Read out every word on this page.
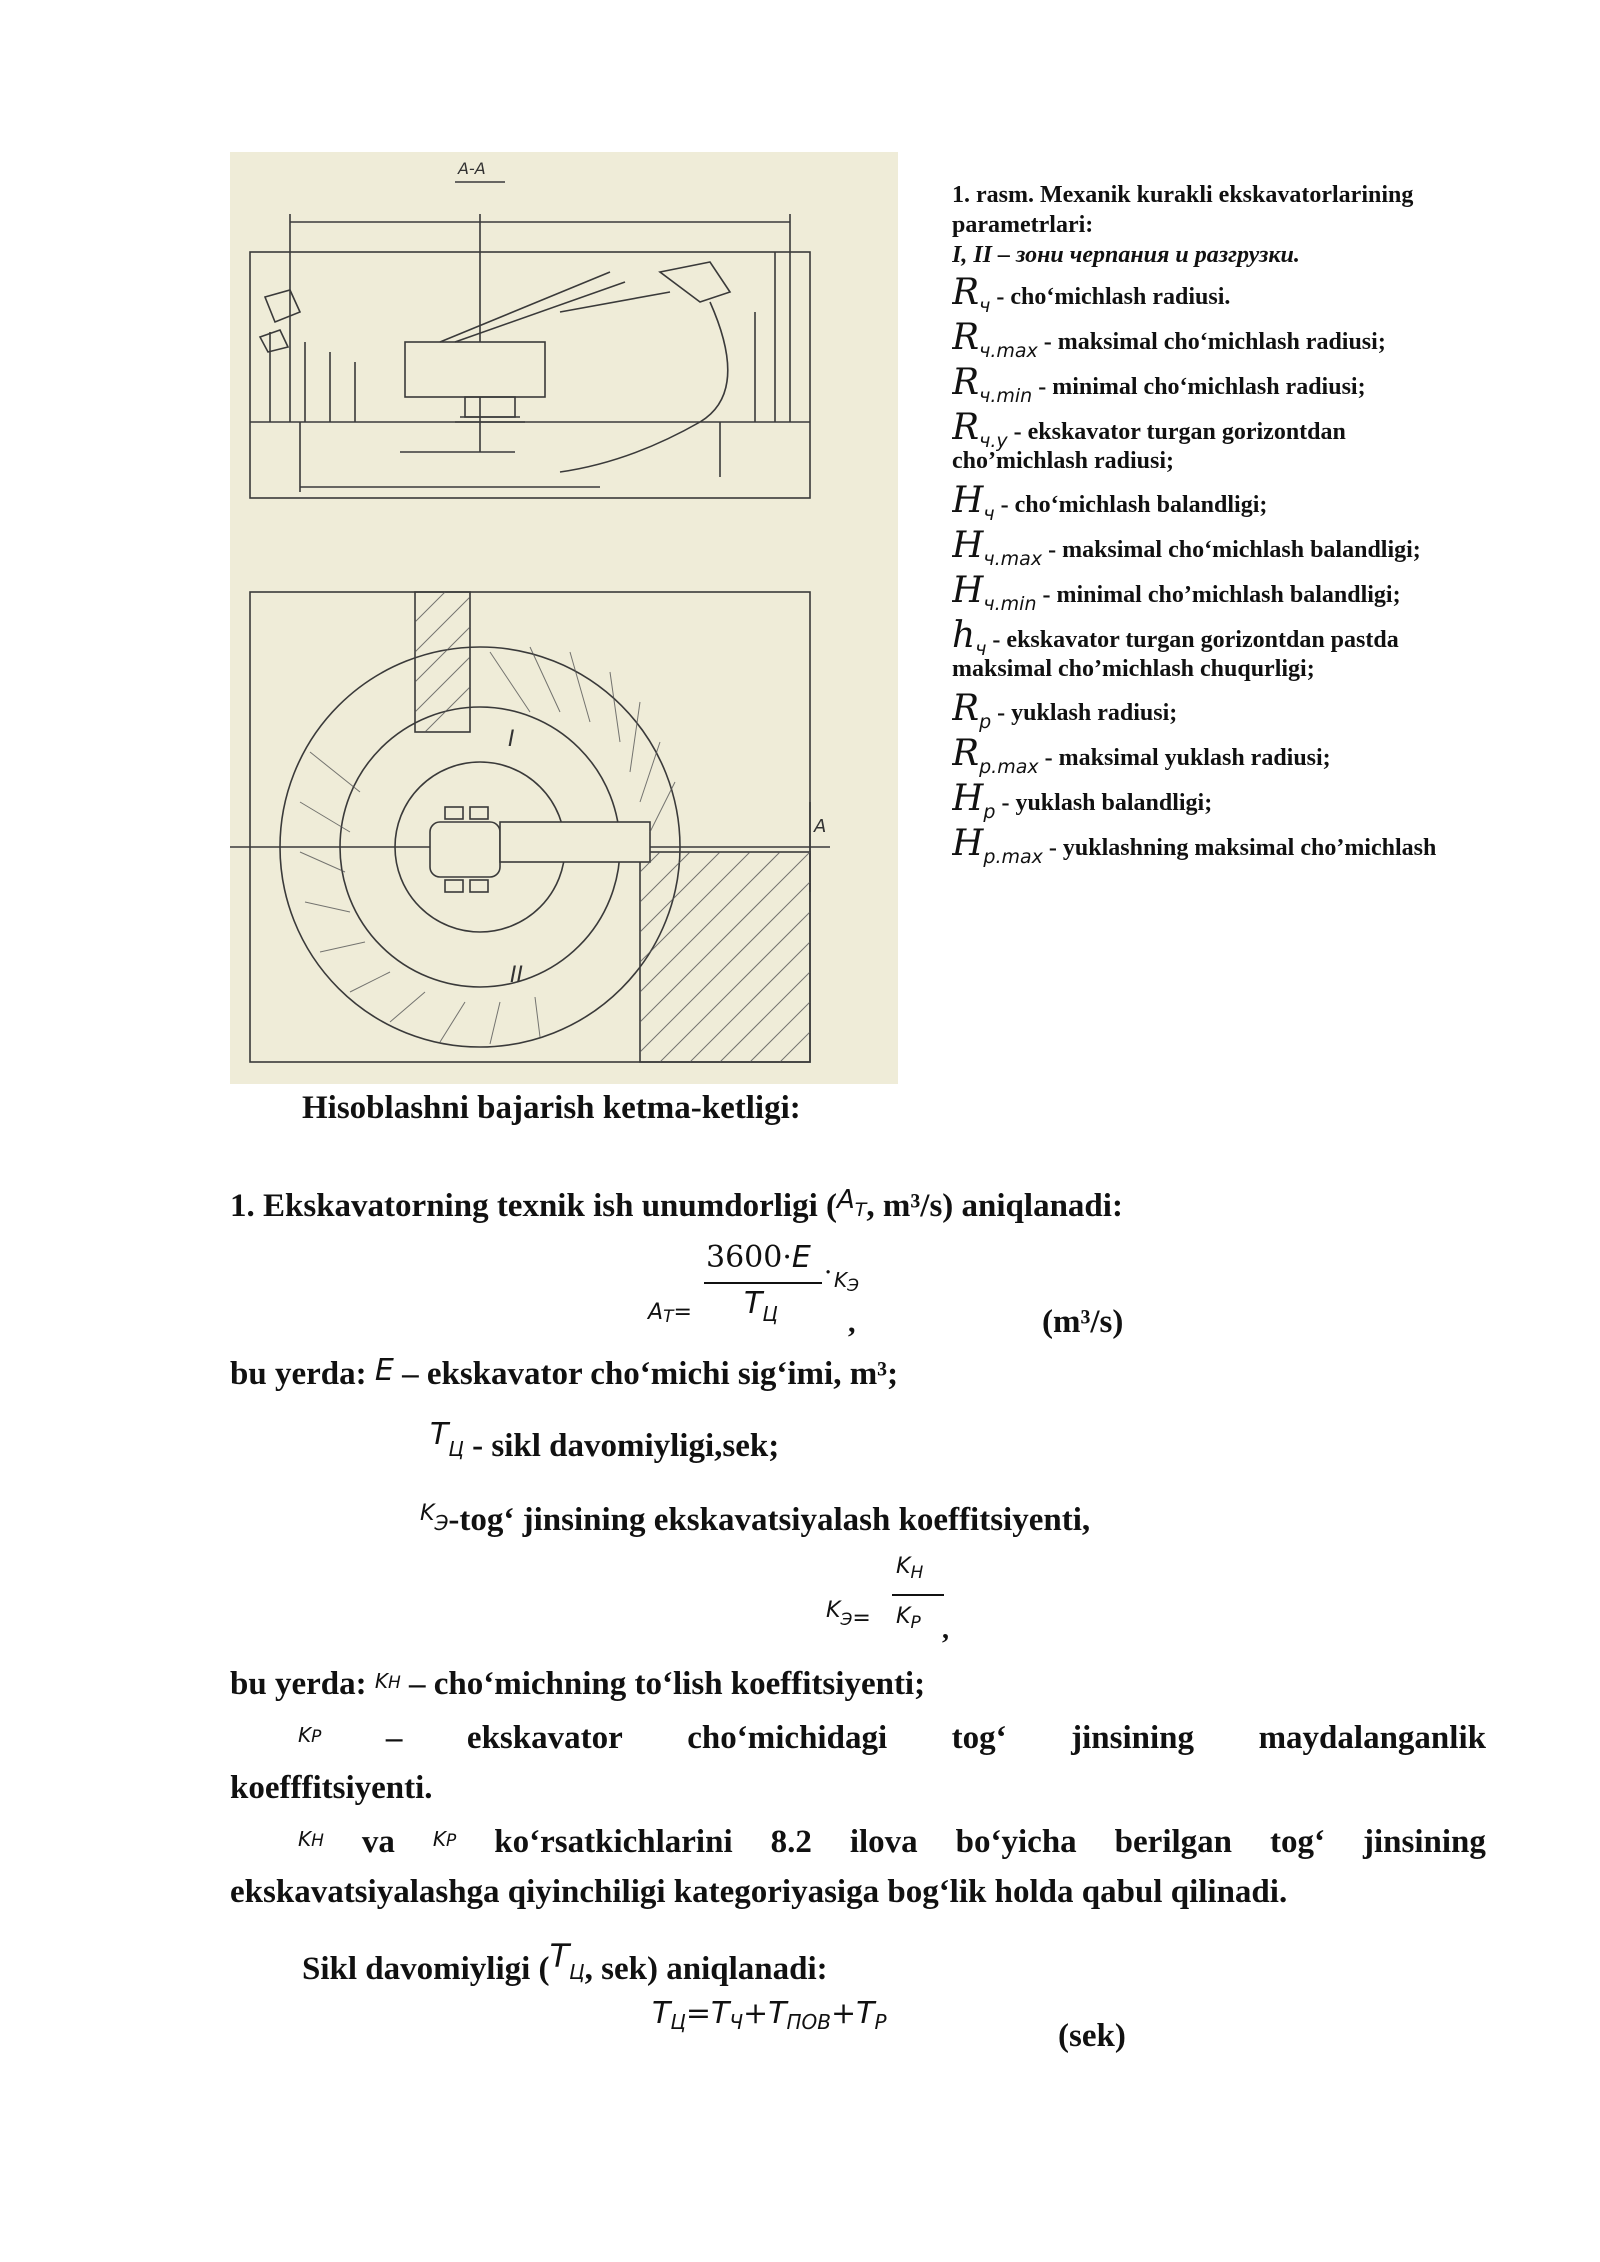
A-A
I
II
A
1. rasm. Mexanik kurakli ekskavatorlarining
parametrlari:
I, II – зони черпания и разгрузки.
$R_ч$ - cho‘michlash radiusi.
$R_{ч.max}$ - maksimal cho‘michlash radiusi;
$R_{ч.min}$ - minimal cho‘michlash radiusi;
$R_{ч.у}$ - ekskavator turgan gorizontdan
cho’michlash radiusi;
$H_ч$ - cho‘michlash balandligi;
$H_{ч.max}$ - maksimal cho‘michlash balandligi;
$H_{ч.min}$ - minimal cho’michlash balandligi;
$h_ч$ - ekskavator turgan gorizontdan pastda
maksimal cho’michlash chuqurligi;
$R_р$ - yuklash radiusi;
$R_{р.max}$ - maksimal yuklash radiusi;
$H_р$ - yuklash balandligi;
$H_{р.max}$ - yuklashning maksimal cho’michlash
Hisoblashni bajarish ketma-ketligi:
1. Ekskavatorning texnik ish unumdorligi ($^A$T, m³/s) aniqlanadi:
$3600\cdot E \cdot K_Э$
$T_Ц$
AT=	,	(m³/s)
bu yerda: E – ekskavator cho‘michi sig‘imi, m³;
TЦ - sikl davomiyligi,sek;
$^K$Э-tog‘ jinsining ekskavatsiyalash koeffitsiyenti,
$K_H$
$K_Э= K_P$ ,
bu yerda: KH – cho‘michning to‘lish koeffitsiyenti;
KP – ekskavator cho‘michidagi tog‘ jinsining maydalanganlik
koefffitsiyenti.
KH va KP ko‘rsatkichlarini 8.2 ilova bo‘yicha berilgan tog‘ jinsining
ekskavatsiyalashga qiyinchiligi kategoriyasiga bog‘lik holda qabul qilinadi.
Sikl davomiyligi (TЦ, sek) aniqlanadi:
$T_Ц=T_Ч+T_{ПОВ}+T_Р$	(sek)
